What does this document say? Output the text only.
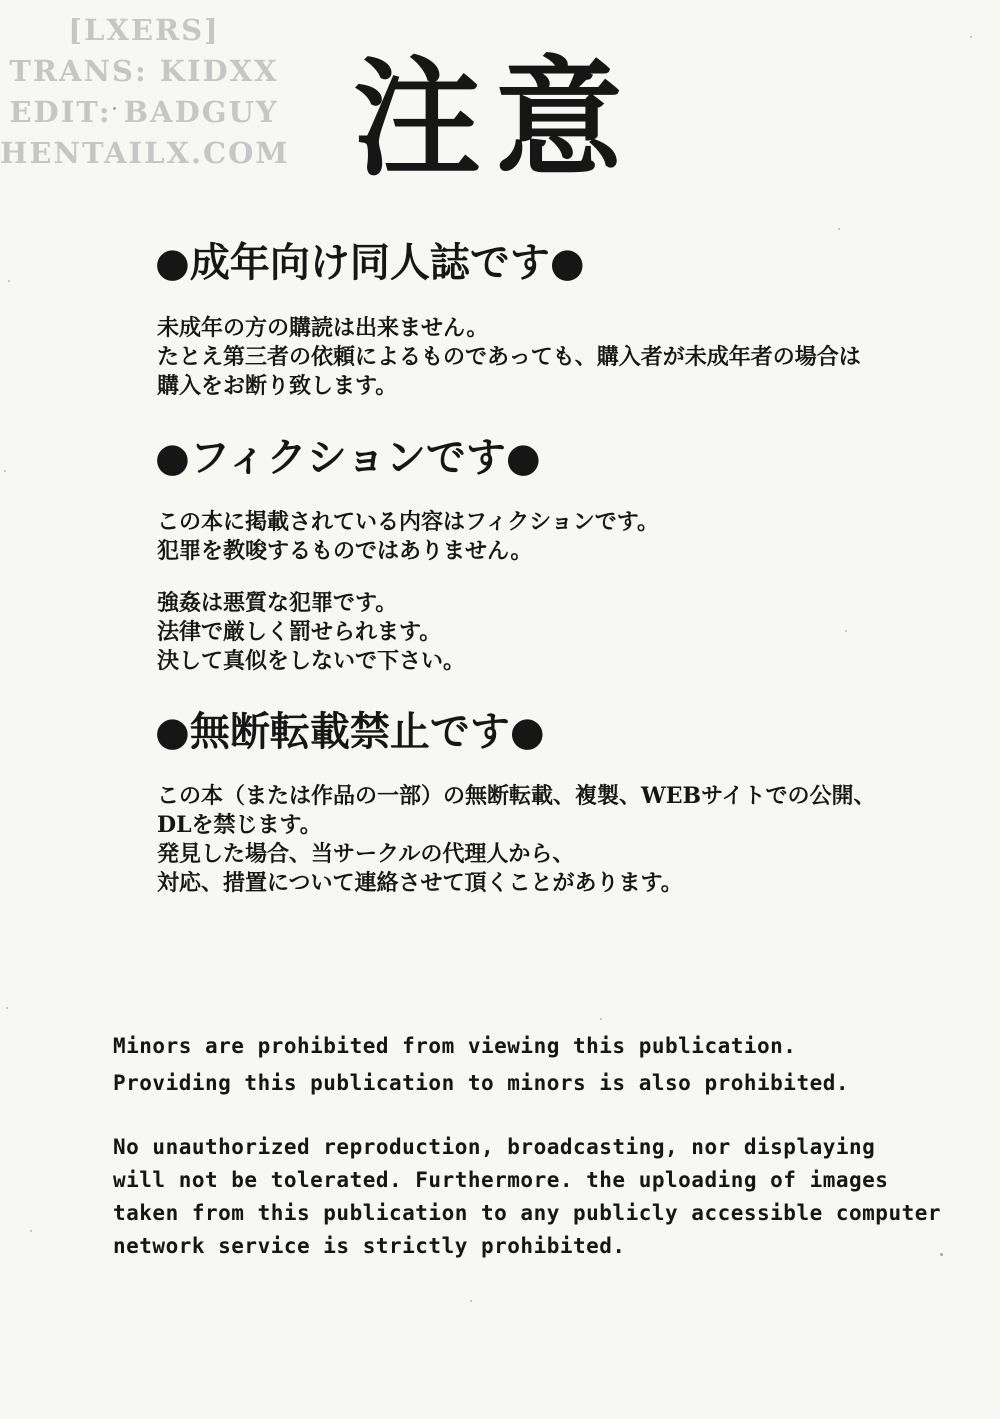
[LXERS]
TRANS: KIDXX
EDIT: BADGUY
HENTAILX.COM 注意
●成年向け同人誌です●

未成年の方の購読は出来ません。
たとえ第三者の依頼によるものであっても、購入者が未成年者の場合は
購入をお断り致します。

●フィクションです●

この本に掲載されている内容はフィクションです。
犯罪を教唆するものではありません。

強姦は悪質な犯罪です。
法律で厳しく罰せられます。
決して真似をしないで下さい。

●無断転載禁止です●

この本（または作品の一部）の無断転載、複製、WEBサイトでの公開、
DLを禁じます。
発見した場合、当サークルの代理人から、
対応、措置について連絡させて頂くことがあります。

Minors are prohibited from viewing this publication.
Providing this publication to minors is also prohibited.

No unauthorized reproduction, broadcasting, nor displaying
will not be tolerated. Furthermore. the uploading of images
taken from this publication to any publicly accessible computer
network service is strictly prohibited.
